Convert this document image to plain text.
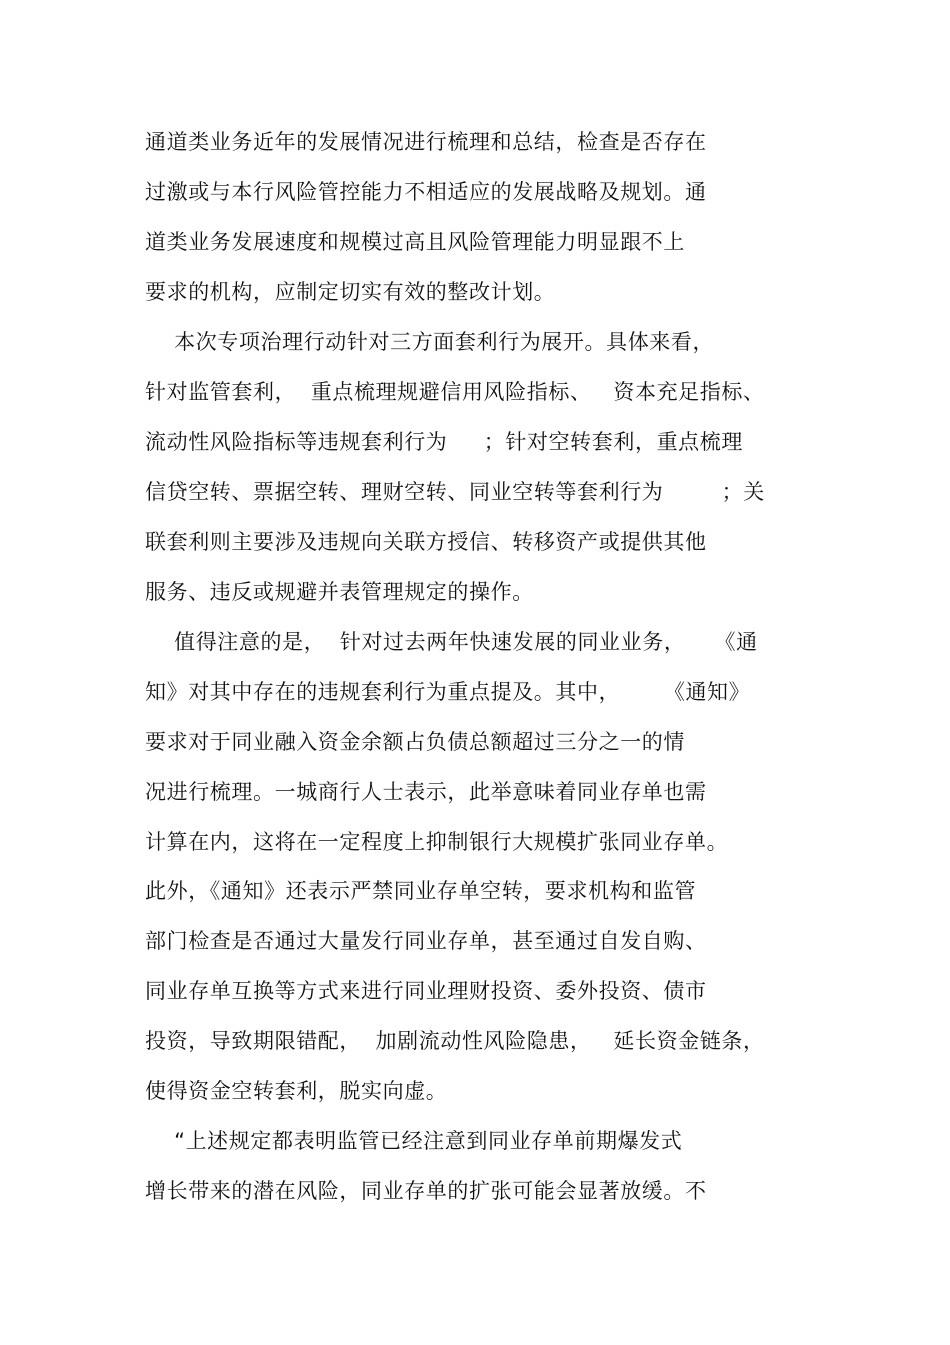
通道类业务近年的发展情况进行梳理和总结，检查是否存在
过激或与本行风险管控能力不相适应的发展战略及规划。通
道类业务发展速度和规模过高且风险管理能力明显跟不上
要求的机构，应制定切实有效的整改计划。
本次专项治理行动针对三方面套利行为展开。具体来看，
针对监管套利，  重点梳理规避信用风险指标、   资本充足指标、
流动性风险指标等违规套利行为     ；针对空转套利，重点梳理
信贷空转、票据空转、理财空转、同业空转等套利行为        ；关
联套利则主要涉及违规向关联方授信、转移资产或提供其他
服务、违反或规避并表管理规定的操作。
值得注意的是，  针对过去两年快速发展的同业业务，    《通
知》对其中存在的违规套利行为重点提及。其中，      《通知》
要求对于同业融入资金余额占负债总额超过三分之一的情
况进行梳理。一城商行人士表示，此举意味着同业存单也需
计算在内，这将在一定程度上抑制银行大规模扩张同业存单。
此外，《通知》还表示严禁同业存单空转，要求机构和监管
部门检查是否通过大量发行同业存单，甚至通过自发自购、
同业存单互换等方式来进行同业理财投资、委外投资、债市
投资，导致期限错配，  加剧流动性风险隐患，   延长资金链条，
使得资金空转套利，脱实向虚。
“上述规定都表明监管已经注意到同业存单前期爆发式
增长带来的潜在风险，同业存单的扩张可能会显著放缓。不
